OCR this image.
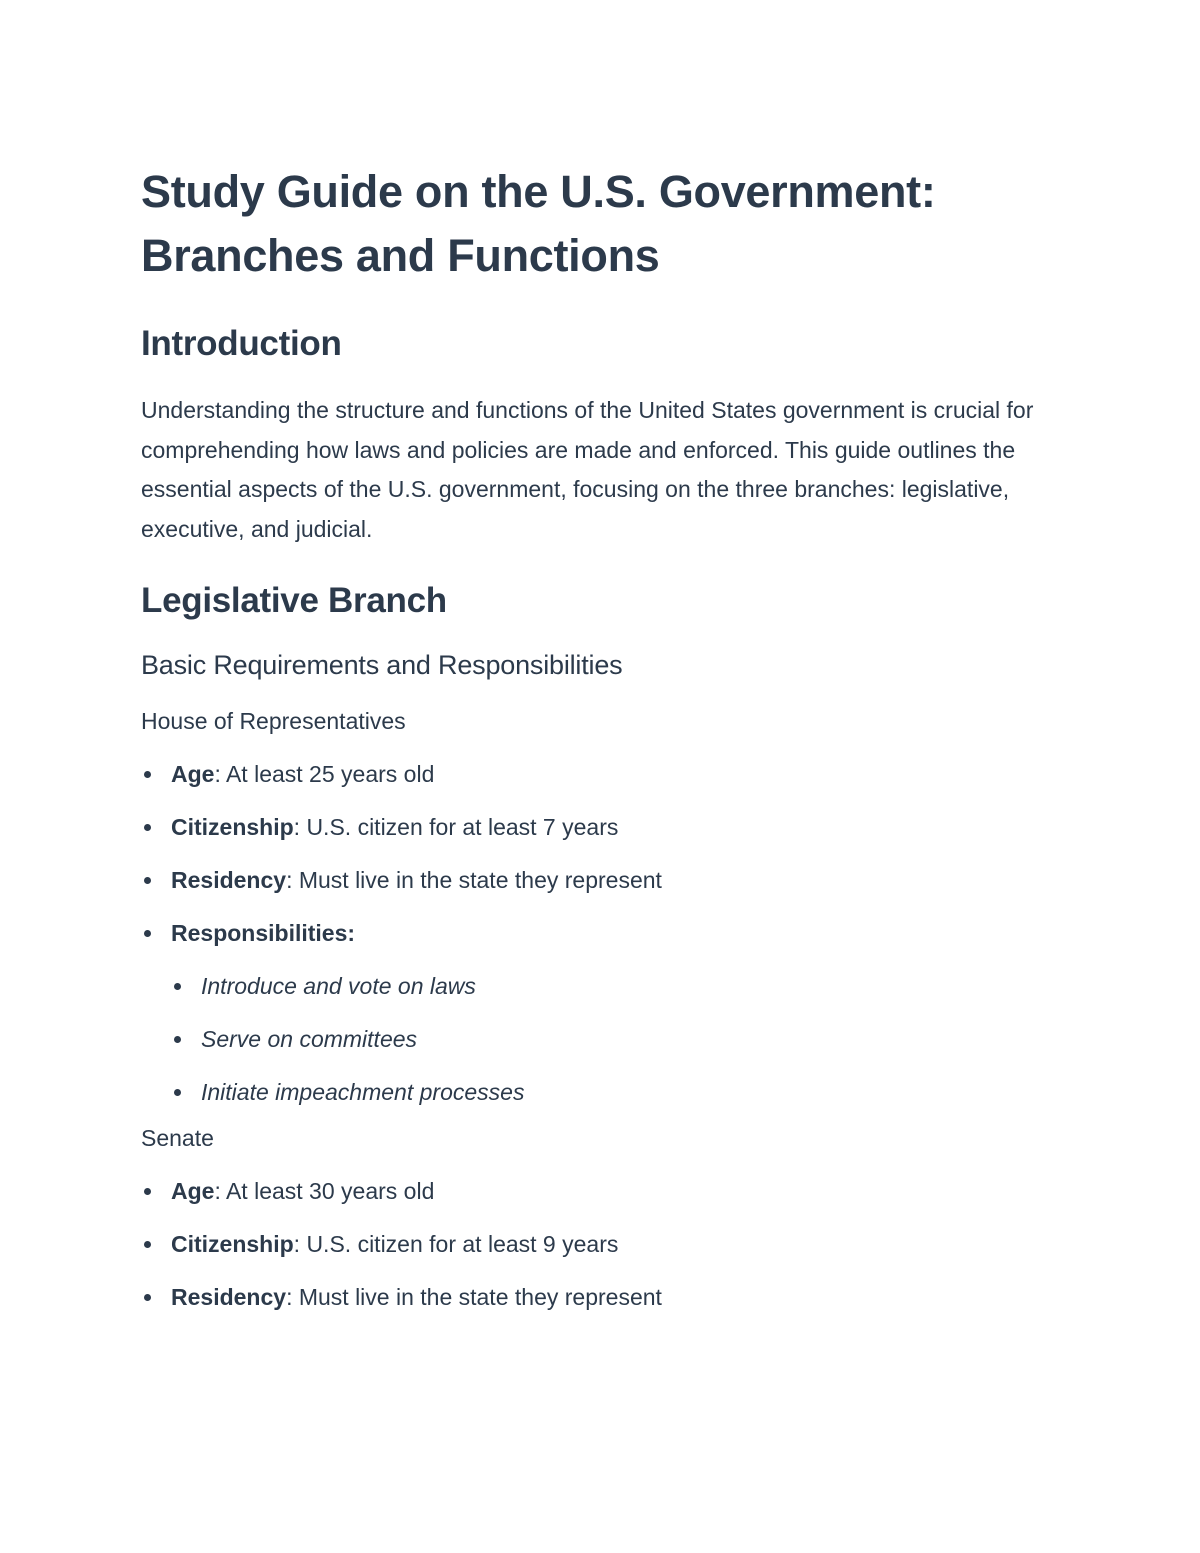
Study Guide on the U.S. Government: Branches and Functions
Introduction

Understanding the structure and functions of the United States government is crucial for comprehending how laws and policies are made and enforced. This guide outlines the essential aspects of the U.S. government, focusing on the three branches: legislative, executive, and judicial.

Legislative Branch
Basic Requirements and Responsibilities
House of Representatives
Age: At least 25 years old
Citizenship: U.S. citizen for at least 7 years
Residency: Must live in the state they represent
Responsibilities:
Introduce and vote on laws
Serve on committees
Initiate impeachment processes
Senate
Age: At least 30 years old
Citizenship: U.S. citizen for at least 9 years
Residency: Must live in the state they represent
